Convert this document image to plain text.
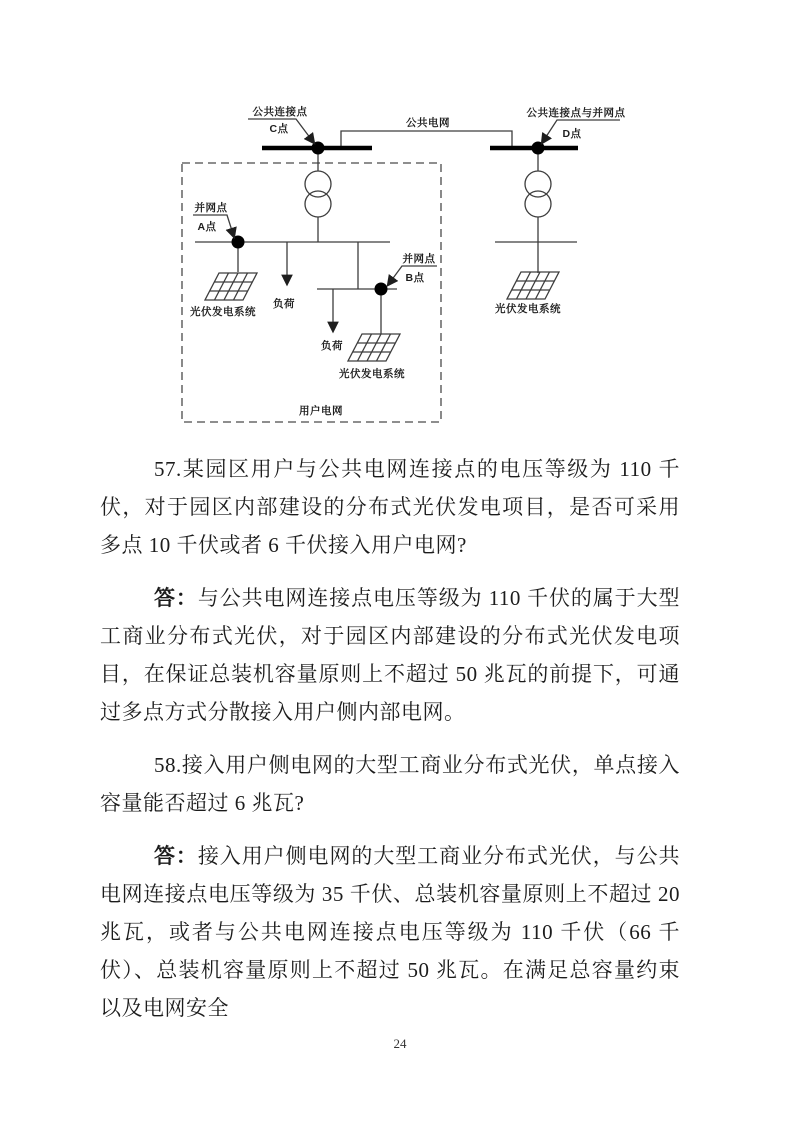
公共连接点
C点	公共电网
公共连接点与并网点
D点
并网点
A点
并网点
B点
负荷
负荷
光伏发电系统
光伏发电系统
光伏发电系统
用户电网

57.某园区用户与公共电网连接点的电压等级为 110 千伏，对于园区内部建设的分布式光伏发电项目，是否可采用多点 10 千伏或者 6 千伏接入用户电网?

答：与公共电网连接点电压等级为 110 千伏的属于大型工商业分布式光伏，对于园区内部建设的分布式光伏发电项目，在保证总装机容量原则上不超过 50 兆瓦的前提下，可通过多点方式分散接入用户侧内部电网。

58.接入用户侧电网的大型工商业分布式光伏，单点接入容量能否超过 6 兆瓦?

答：接入用户侧电网的大型工商业分布式光伏，与公共电网连接点电压等级为 35 千伏、总装机容量原则上不超过 20 兆瓦，或者与公共电网连接点电压等级为 110 千伏（66 千伏）、总装机容量原则上不超过 50 兆瓦。在满足总容量约束以及电网安全

24
